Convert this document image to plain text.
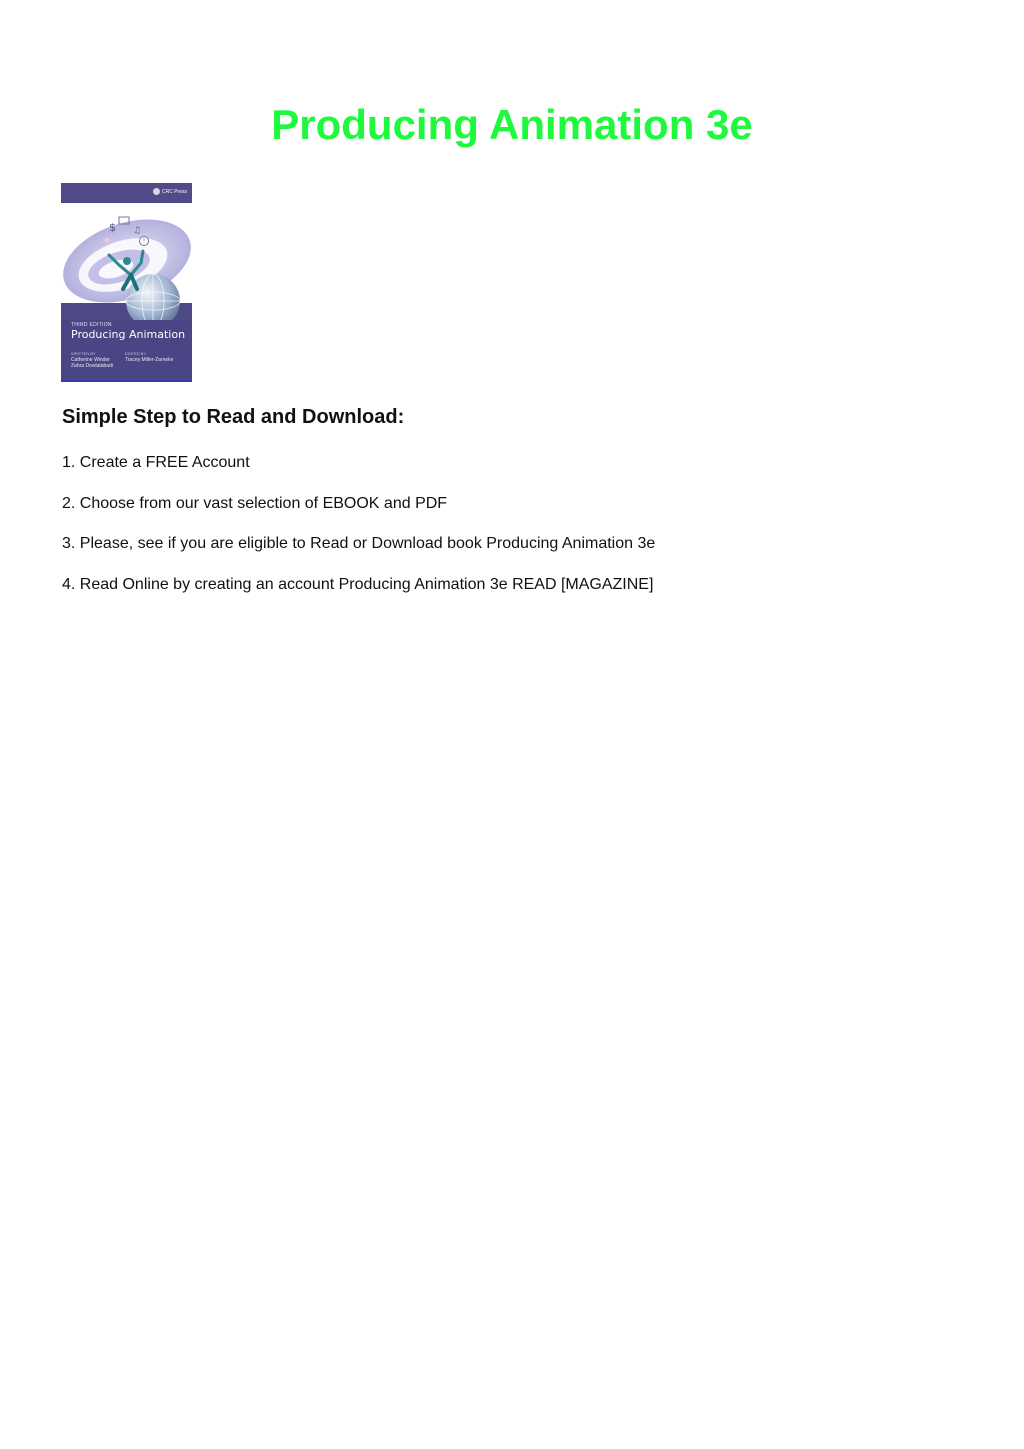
Producing Animation 3e
CRC Press
$ ♫
THIRD EDITION
Producing Animation
WRITTEN BY
Catherine Winder
Zahra Dowlatabadi
EDITED BY
Tracey Miller-Zarneke
Simple Step to Read and Download:
1. Create a FREE Account
2. Choose from our vast selection of EBOOK and PDF
3. Please, see if you are eligible to Read or Download book Producing Animation 3e
4. Read Online by creating an account Producing Animation 3e READ [MAGAZINE]
